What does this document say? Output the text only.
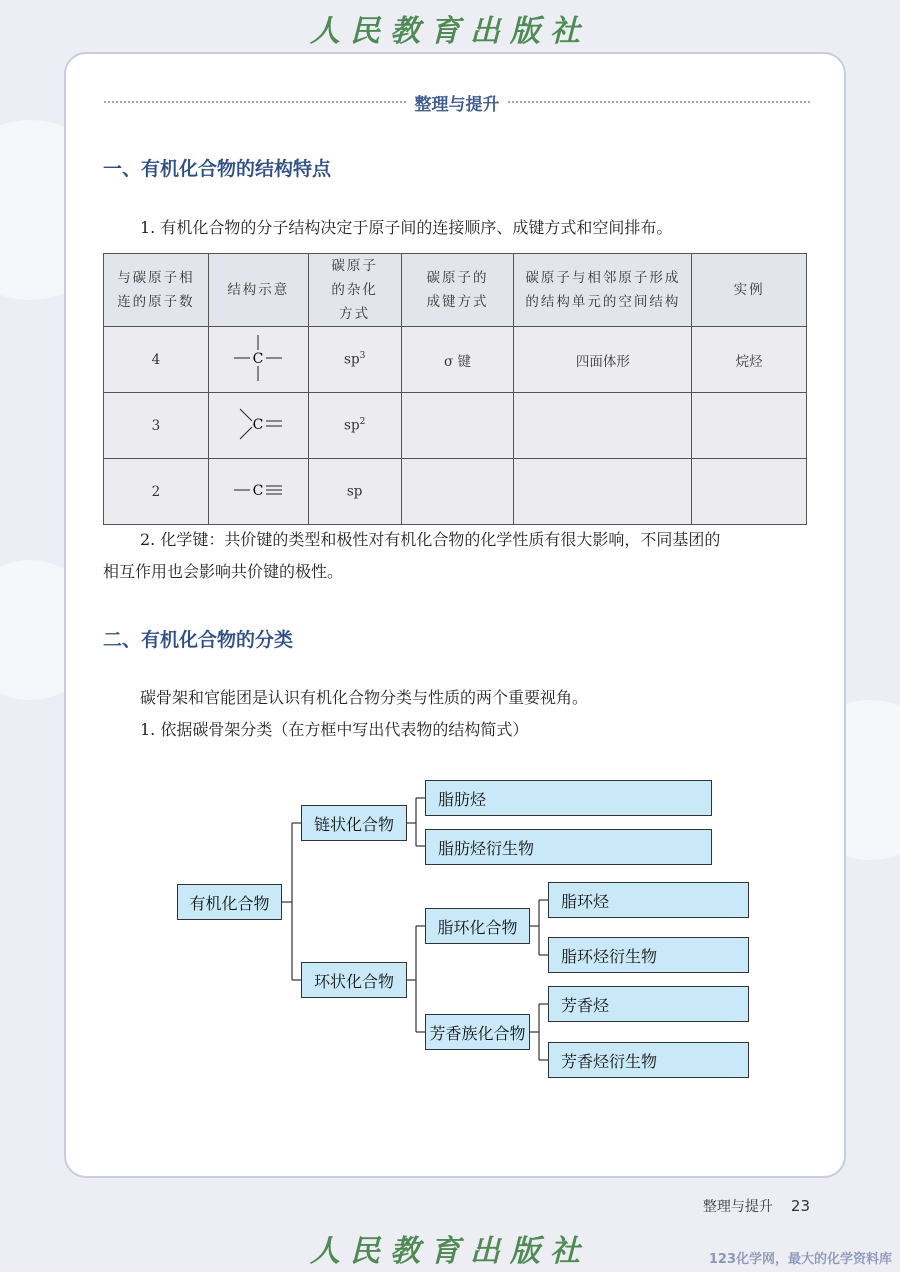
人民教育出版社
整理与提升
一、有机化合物的结构特点
1. 有机化合物的分子结构决定于原子间的连接顺序、成键方式和空间排布。
与碳原子相连的原子数	结构示意	碳原子的杂化方式	碳原子的成键方式	碳原子与相邻原子形成的结构单元的空间结构	实例
4	C	$sp^3$	σ 键	四面体形	烷烃
3	C	$sp^2$			
2	C	sp			
2. 化学键：共价键的类型和极性对有机化合物的化学性质有很大影响，不同基团的
相互作用也会影响共价键的极性。
二、有机化合物的分类
碳骨架和官能团是认识有机化合物分类与性质的两个重要视角。
1. 依据碳骨架分类（在方框中写出代表物的结构简式）
有机化合物
链状化合物
脂肪烃
脂肪烃衍生物
环状化合物
脂环化合物
脂环烃
脂环烃衍生物
芳香族化合物
芳香烃
芳香烃衍生物
整理与提升 23
人民教育出版社	123化学网，最大的化学资料库
